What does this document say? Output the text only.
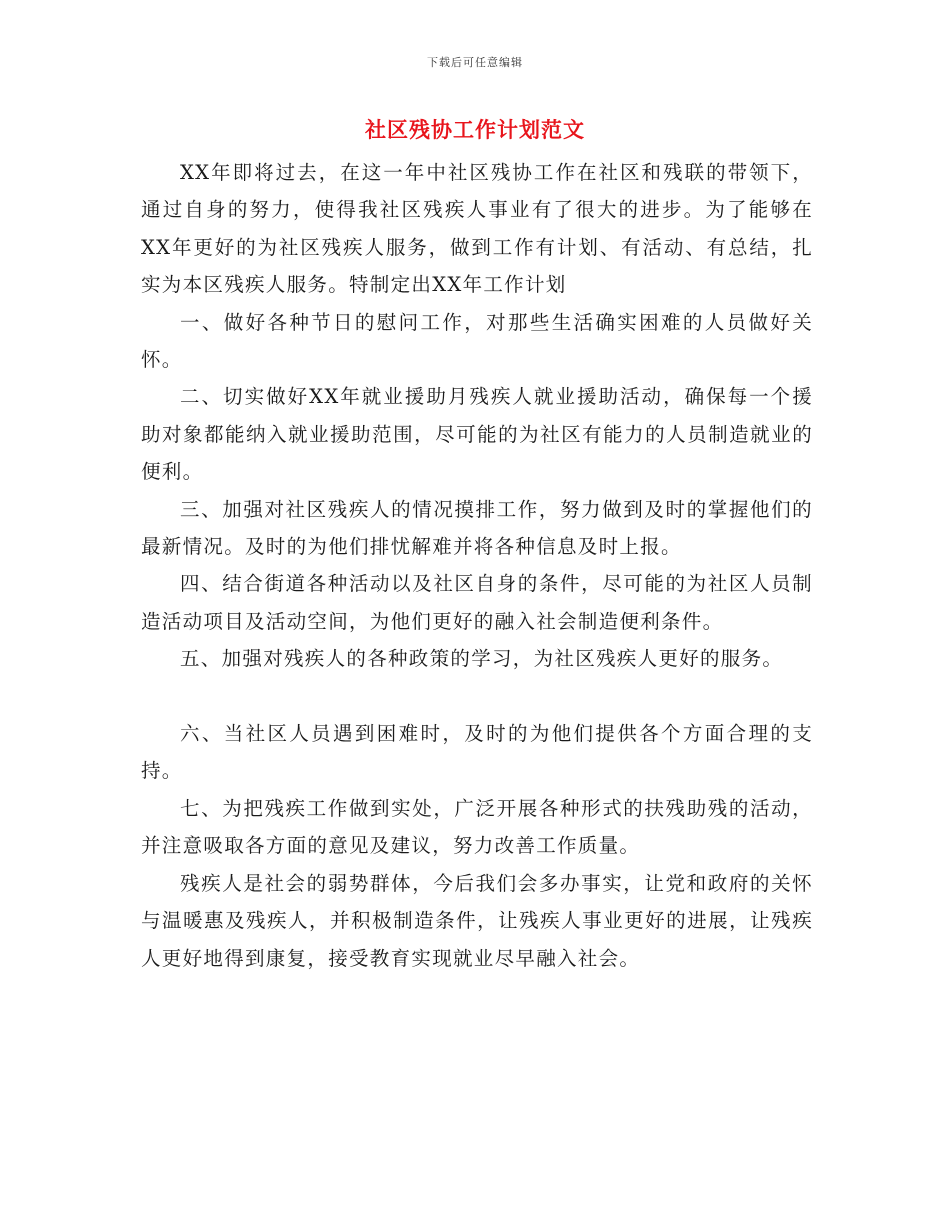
下载后可任意编辑
社区残协工作计划范文

XX年即将过去，在这一年中社区残协工作在社区和残联的带领下，通过自身的努力，使得我社区残疾人事业有了很大的进步。为了能够在XX年更好的为社区残疾人服务，做到工作有计划、有活动、有总结，扎实为本区残疾人服务。特制定出XX年工作计划

一、做好各种节日的慰问工作，对那些生活确实困难的人员做好关怀。

二、切实做好XX年就业援助月残疾人就业援助活动，确保每一个援助对象都能纳入就业援助范围，尽可能的为社区有能力的人员制造就业的便利。

三、加强对社区残疾人的情况摸排工作，努力做到及时的掌握他们的最新情况。及时的为他们排忧解难并将各种信息及时上报。

四、结合街道各种活动以及社区自身的条件，尽可能的为社区人员制造活动项目及活动空间，为他们更好的融入社会制造便利条件。

五、加强对残疾人的各种政策的学习，为社区残疾人更好的服务。

六、当社区人员遇到困难时，及时的为他们提供各个方面合理的支持。

七、为把残疾工作做到实处，广泛开展各种形式的扶残助残的活动，并注意吸取各方面的意见及建议，努力改善工作质量。

残疾人是社会的弱势群体，今后我们会多办事实，让党和政府的关怀与温暖惠及残疾人，并积极制造条件，让残疾人事业更好的进展，让残疾人更好地得到康复，接受教育实现就业尽早融入社会。
